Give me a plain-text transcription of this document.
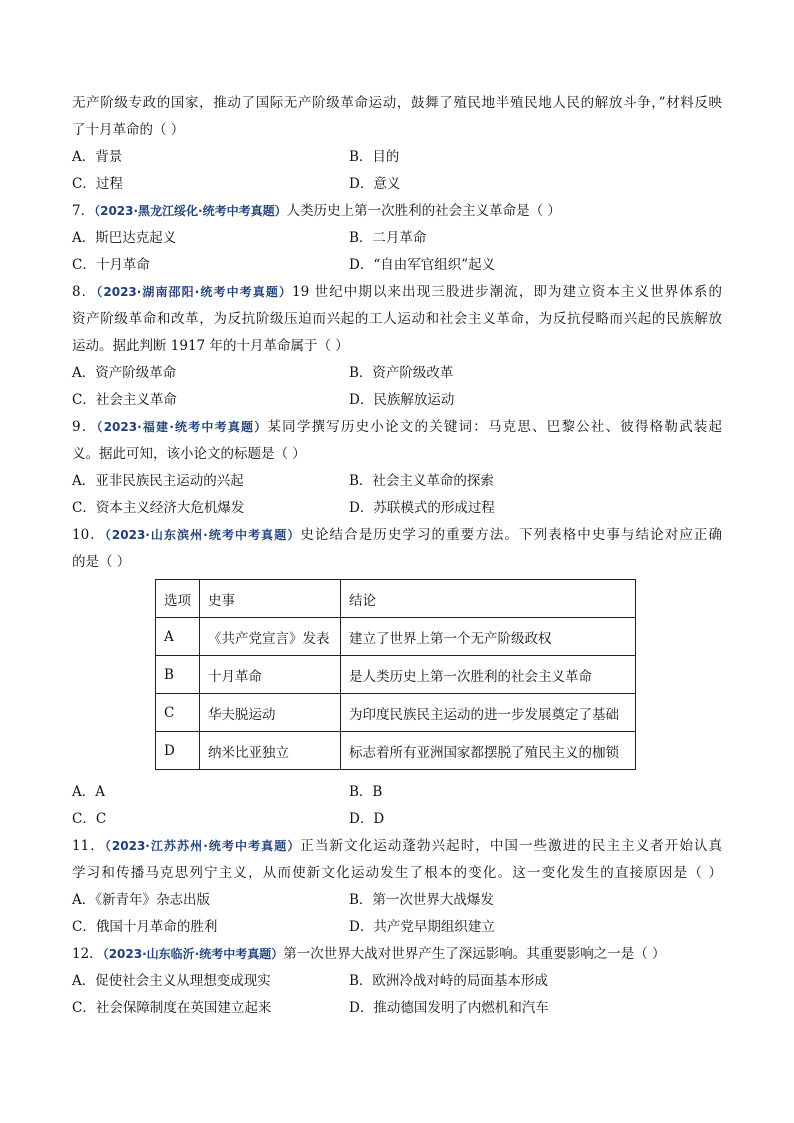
无产阶级专政的国家，推动了国际无产阶级革命运动，鼓舞了殖民地半殖民地人民的解放斗争，”材料反映
了十月革命的（ ）
A．背景	B．目的
C．过程	D．意义
7．（2023·黑龙江绥化·统考中考真题）人类历史上第一次胜利的社会主义革命是（ ）
A．斯巴达克起义	B．二月革命
C．十月革命	D．“自由军官组织”起义
8．（2023·湖南邵阳·统考中考真题）19 世纪中期以来出现三股进步潮流，即为建立资本主义世界体系的
资产阶级革命和改革，为反抗阶级压迫而兴起的工人运动和社会主义革命，为反抗侵略而兴起的民族解放
运动。据此判断 1917 年的十月革命属于（ ）
A．资产阶级革命	B．资产阶级改革
C．社会主义革命	D．民族解放运动
9．（2023·福建·统考中考真题）某同学撰写历史小论文的关键词：马克思、巴黎公社、彼得格勒武装起
义。据此可知，该小论文的标题是（ ）
A．亚非民族民主运动的兴起	B．社会主义革命的探索
C．资本主义经济大危机爆发	D．苏联模式的形成过程
10．（2023·山东滨州·统考中考真题）史论结合是历史学习的重要方法。下列表格中史事与结论对应正确
的是（ ）
选项	史事	结论
A	《共产党宣言》发表	建立了世界上第一个无产阶级政权
B	十月革命	是人类历史上第一次胜利的社会主义革命
C	华夫脱运动	为印度民族民主运动的进一步发展奠定了基础
D	纳米比亚独立	标志着所有亚洲国家都摆脱了殖民主义的枷锁
A．A	B．B
C．C	D．D
11．（2023·江苏苏州·统考中考真题）正当新文化运动蓬勃兴起时，中国一些激进的民主主义者开始认真
学习和传播马克思列宁主义，从而使新文化运动发生了根本的变化。这一变化发生的直接原因是（ ）
A．《新青年》杂志出版	B．第一次世界大战爆发
C．俄国十月革命的胜利	D．共产党早期组织建立
12．（2023·山东临沂·统考中考真题）第一次世界大战对世界产生了深远影响。其重要影响之一是（ ）
A．促使社会主义从理想变成现实	B．欧洲冷战对峙的局面基本形成
C．社会保障制度在英国建立起来	D．推动德国发明了内燃机和汽车
